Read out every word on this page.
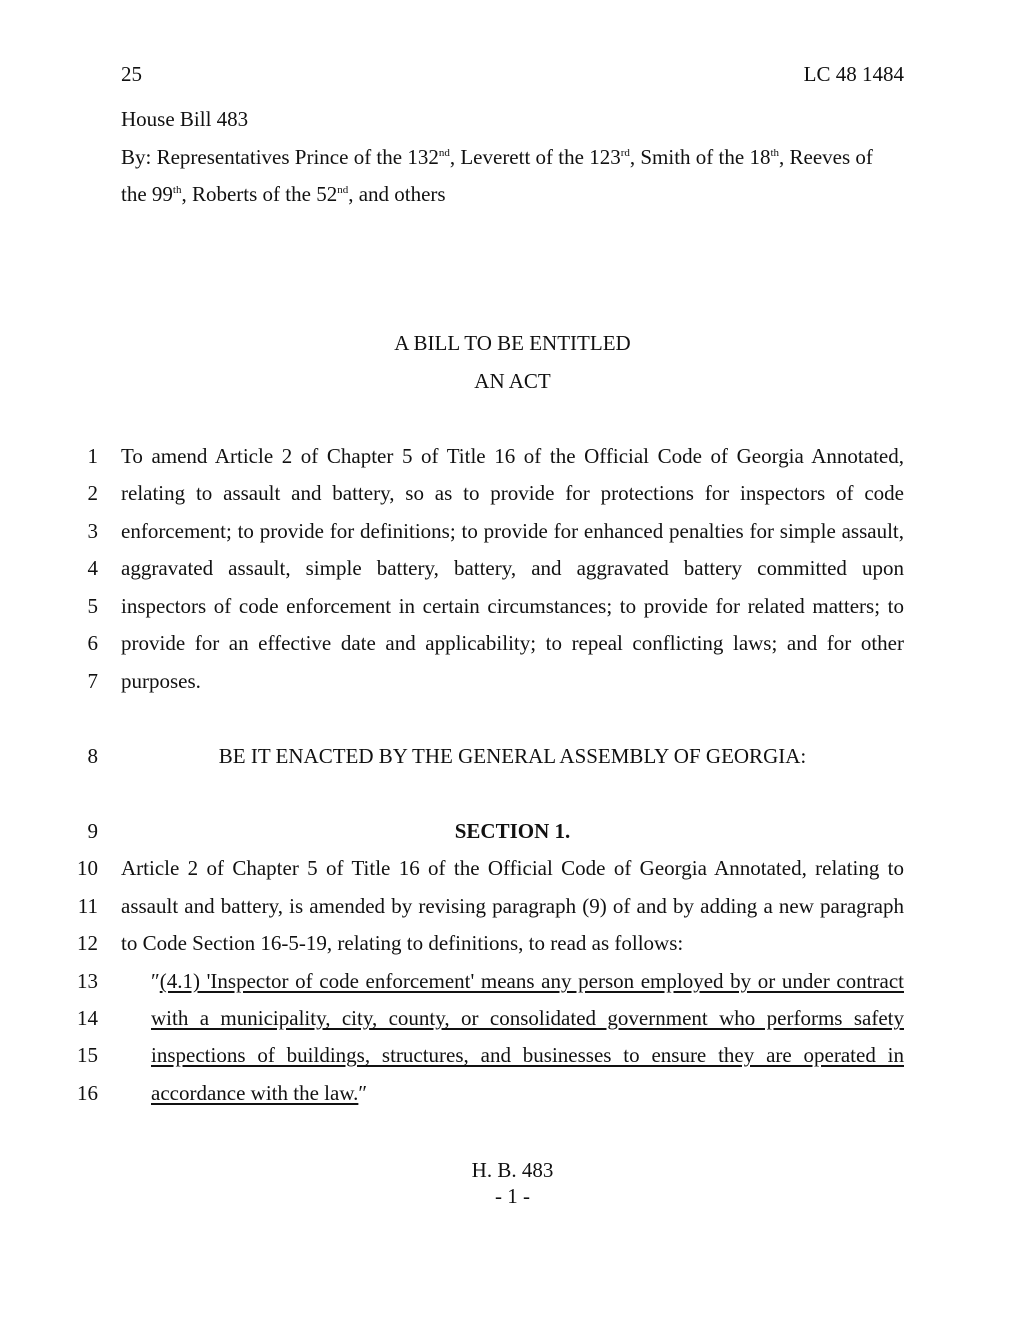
25	LC 48 1484
House Bill 483
By: Representatives Prince of the 132nd, Leverett of the 123rd, Smith of the 18th, Reeves of
the 99th, Roberts of the 52nd, and others
A BILL TO BE ENTITLED
AN ACT
1 To amend Article 2 of Chapter 5 of Title 16 of the Official Code of Georgia Annotated,
2 relating to assault and battery, so as to provide for protections for inspectors of code
3 enforcement; to provide for definitions; to provide for enhanced penalties for simple assault,
4 aggravated assault, simple battery, battery, and aggravated battery committed upon
5 inspectors of code enforcement in certain circumstances; to provide for related matters; to
6 provide for an effective date and applicability; to repeal conflicting laws; and for other
7 purposes.
8	BE IT ENACTED BY THE GENERAL ASSEMBLY OF GEORGIA:
9	SECTION 1.
10 Article 2 of Chapter 5 of Title 16 of the Official Code of Georgia Annotated, relating to
11 assault and battery, is amended by revising paragraph (9) of and by adding a new paragraph
12 to Code Section 16-5-19, relating to definitions, to read as follows:
13	″(4.1) 'Inspector of code enforcement' means any person employed by or under contract
14	with a municipality, city, county, or consolidated government who performs safety
15	inspections of buildings, structures, and businesses to ensure they are operated in
16	accordance with the law.″
H. B. 483
- 1 -
